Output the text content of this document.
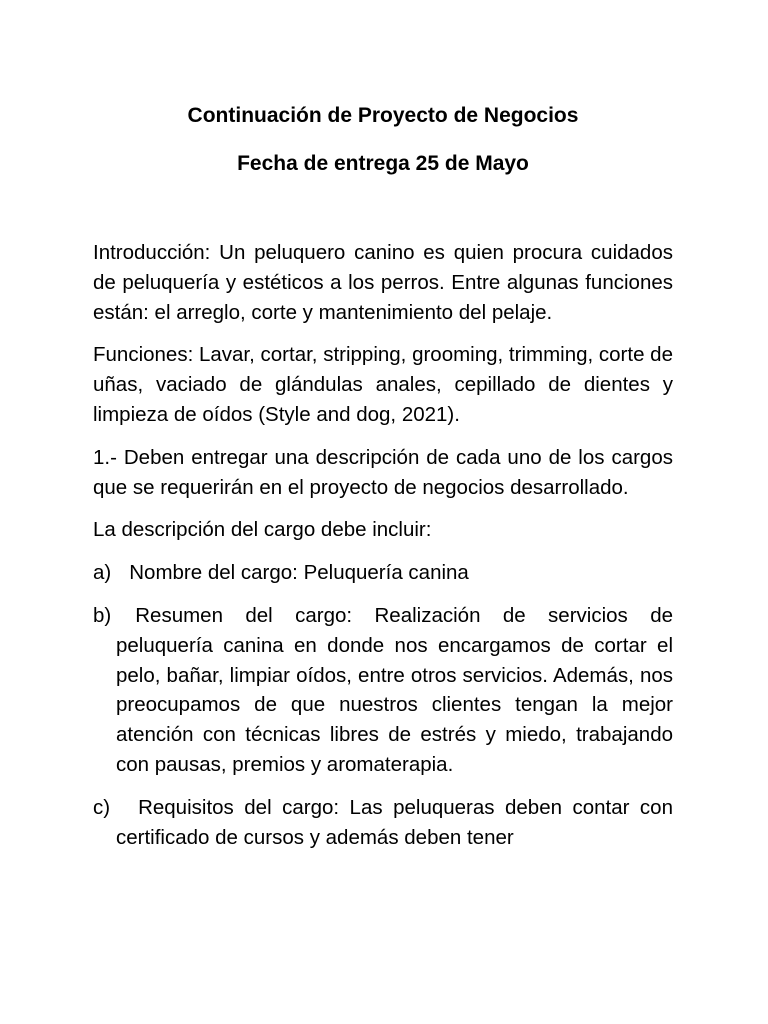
Continuación de Proyecto de Negocios
Fecha de entrega 25 de Mayo

Introducción: Un peluquero canino es quien procura cuidados de peluquería y estéticos a los perros. Entre algunas funciones están: el arreglo, corte y mantenimiento del pelaje.

Funciones: Lavar, cortar, stripping, grooming, trimming, corte de uñas, vaciado de glándulas anales, cepillado de dientes y limpieza de oídos (Style and dog, 2021).

1.- Deben entregar una descripción de cada uno de los cargos que se requerirán en el proyecto de negocios desarrollado.

La descripción del cargo debe incluir:

a) Nombre del cargo: Peluquería canina
b) Resumen del cargo: Realización de servicios de peluquería canina en donde nos encargamos de cortar el pelo, bañar, limpiar oídos, entre otros servicios. Además, nos preocupamos de que nuestros clientes tengan la mejor atención con técnicas libres de estrés y miedo, trabajando con pausas, premios y aromaterapia.
c) Requisitos del cargo: Las peluqueras deben contar con certificado de cursos y además deben tener
